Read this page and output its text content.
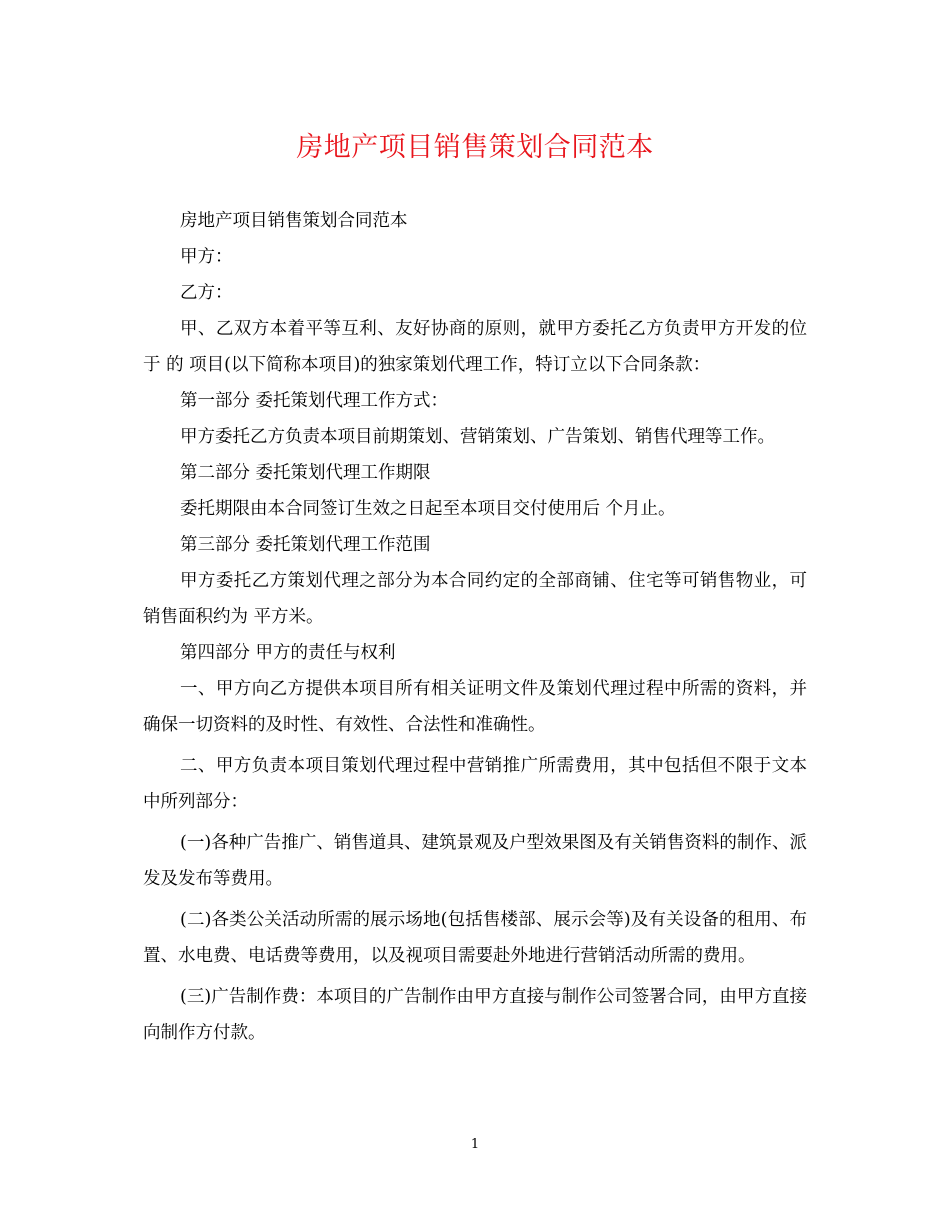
房地产项目销售策划合同范本

房地产项目销售策划合同范本

甲方：

乙方：

甲、乙双方本着平等互利、友好协商的原则，就甲方委托乙方负责甲方开发的位于 的 项目(以下简称本项目)的独家策划代理工作，特订立以下合同条款：

第一部分 委托策划代理工作方式：

甲方委托乙方负责本项目前期策划、营销策划、广告策划、销售代理等工作。

第二部分 委托策划代理工作期限

委托期限由本合同签订生效之日起至本项目交付使用后 个月止。

第三部分 委托策划代理工作范围

甲方委托乙方策划代理之部分为本合同约定的全部商铺、住宅等可销售物业，可销售面积约为 平方米。

第四部分 甲方的责任与权利

一、甲方向乙方提供本项目所有相关证明文件及策划代理过程中所需的资料，并确保一切资料的及时性、有效性、合法性和准确性。

二、甲方负责本项目策划代理过程中营销推广所需费用，其中包括但不限于文本中所列部分：

(一)各种广告推广、销售道具、建筑景观及户型效果图及有关销售资料的制作、派发及发布等费用。

(二)各类公关活动所需的展示场地(包括售楼部、展示会等)及有关设备的租用、布置、水电费、电话费等费用，以及视项目需要赴外地进行营销活动所需的费用。

(三)广告制作费：本项目的广告制作由甲方直接与制作公司签署合同，由甲方直接向制作方付款。

1
